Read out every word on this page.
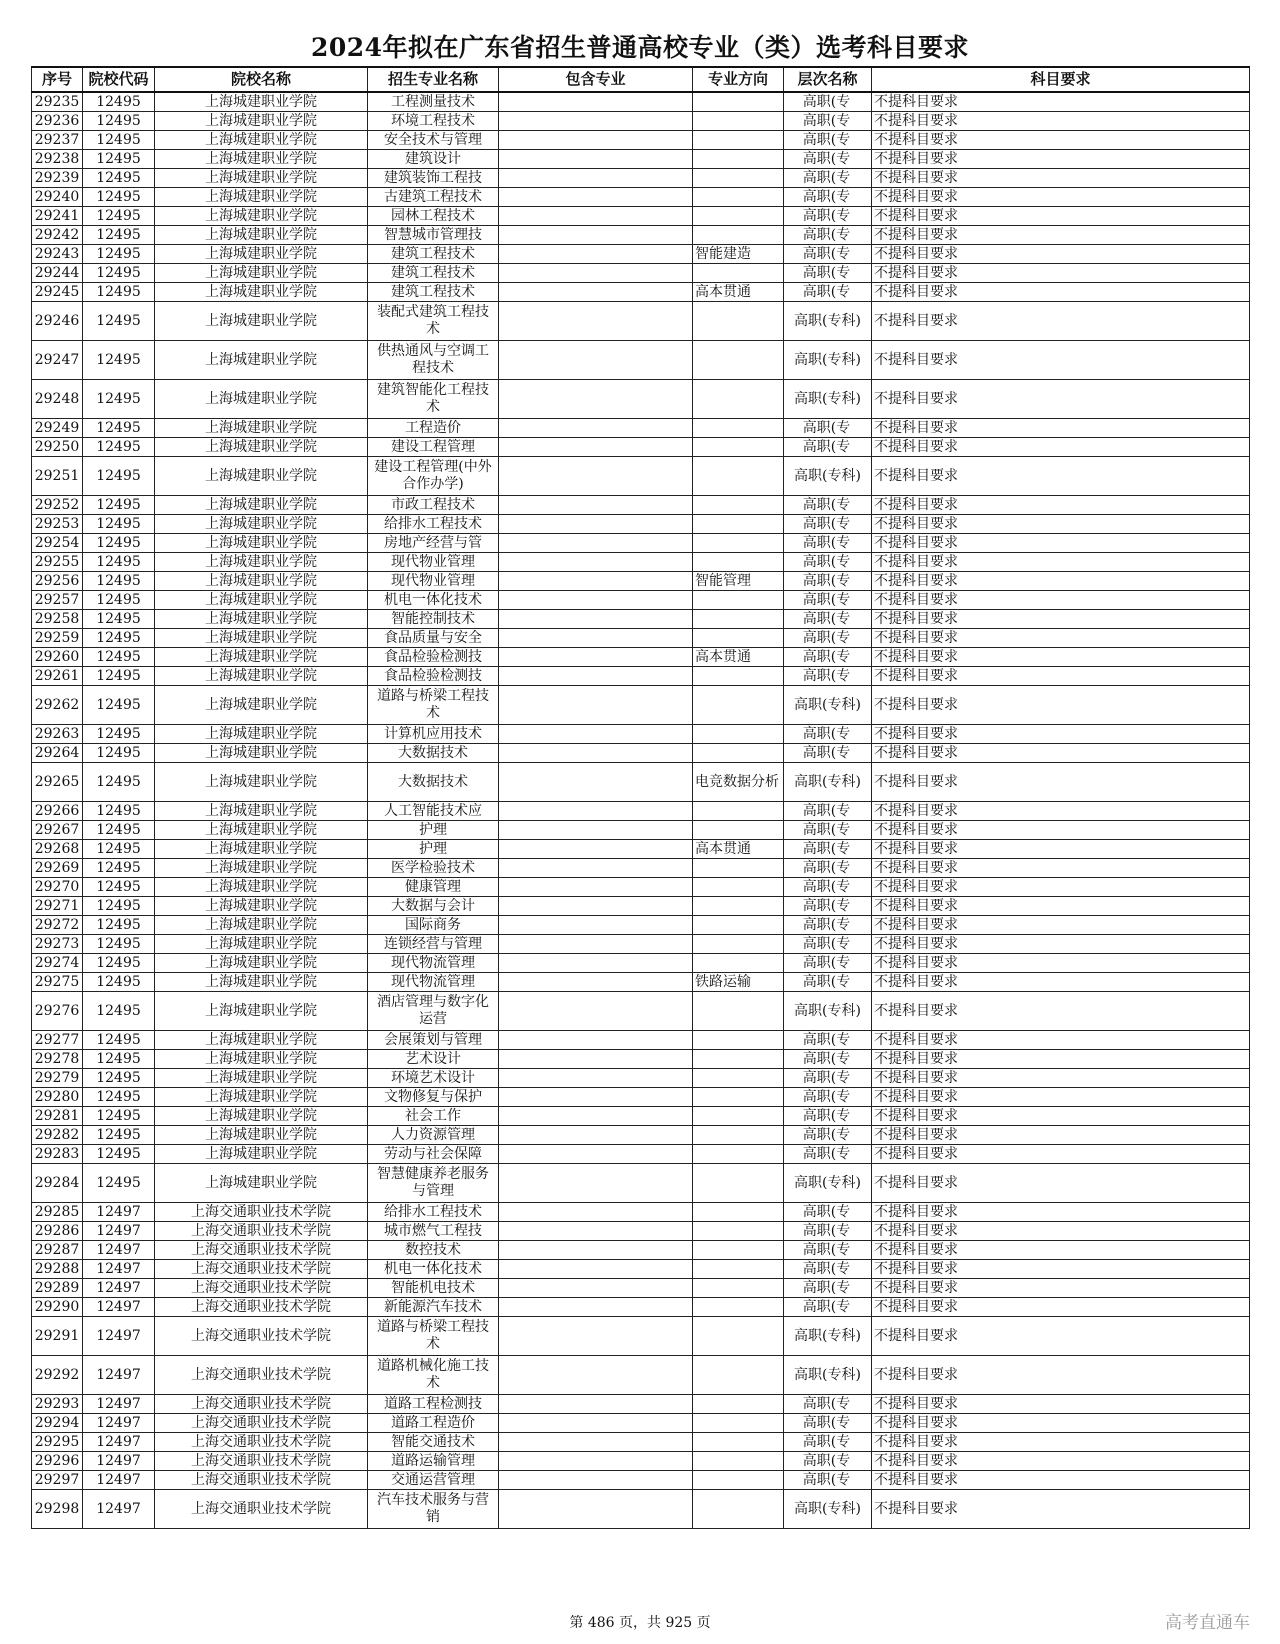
2024年拟在广东省招生普通高校专业（类）选考科目要求
序号	院校代码	院校名称	招生专业名称	包含专业	专业方向	层次名称	科目要求
29235	12495	上海城建职业学院	工程测量技术			高职(专	不提科目要求
29236	12495	上海城建职业学院	环境工程技术			高职(专	不提科目要求
29237	12495	上海城建职业学院	安全技术与管理			高职(专	不提科目要求
29238	12495	上海城建职业学院	建筑设计			高职(专	不提科目要求
29239	12495	上海城建职业学院	建筑装饰工程技			高职(专	不提科目要求
29240	12495	上海城建职业学院	古建筑工程技术			高职(专	不提科目要求
29241	12495	上海城建职业学院	园林工程技术			高职(专	不提科目要求
29242	12495	上海城建职业学院	智慧城市管理技			高职(专	不提科目要求
29243	12495	上海城建职业学院	建筑工程技术		智能建造	高职(专	不提科目要求
29244	12495	上海城建职业学院	建筑工程技术			高职(专	不提科目要求
29245	12495	上海城建职业学院	建筑工程技术		高本贯通	高职(专	不提科目要求
29246	12495	上海城建职业学院	装配式建筑工程技术			高职(专科)	不提科目要求
29247	12495	上海城建职业学院	供热通风与空调工程技术			高职(专科)	不提科目要求
29248	12495	上海城建职业学院	建筑智能化工程技术			高职(专科)	不提科目要求
29249	12495	上海城建职业学院	工程造价			高职(专	不提科目要求
29250	12495	上海城建职业学院	建设工程管理			高职(专	不提科目要求
29251	12495	上海城建职业学院	建设工程管理(中外合作办学)			高职(专科)	不提科目要求
29252	12495	上海城建职业学院	市政工程技术			高职(专	不提科目要求
29253	12495	上海城建职业学院	给排水工程技术			高职(专	不提科目要求
29254	12495	上海城建职业学院	房地产经营与管			高职(专	不提科目要求
29255	12495	上海城建职业学院	现代物业管理			高职(专	不提科目要求
29256	12495	上海城建职业学院	现代物业管理		智能管理	高职(专	不提科目要求
29257	12495	上海城建职业学院	机电一体化技术			高职(专	不提科目要求
29258	12495	上海城建职业学院	智能控制技术			高职(专	不提科目要求
29259	12495	上海城建职业学院	食品质量与安全			高职(专	不提科目要求
29260	12495	上海城建职业学院	食品检验检测技		高本贯通	高职(专	不提科目要求
29261	12495	上海城建职业学院	食品检验检测技			高职(专	不提科目要求
29262	12495	上海城建职业学院	道路与桥梁工程技术			高职(专科)	不提科目要求
29263	12495	上海城建职业学院	计算机应用技术			高职(专	不提科目要求
29264	12495	上海城建职业学院	大数据技术			高职(专	不提科目要求
29265	12495	上海城建职业学院	大数据技术		电竞数据分析	高职(专科)	不提科目要求
29266	12495	上海城建职业学院	人工智能技术应			高职(专	不提科目要求
29267	12495	上海城建职业学院	护理			高职(专	不提科目要求
29268	12495	上海城建职业学院	护理		高本贯通	高职(专	不提科目要求
29269	12495	上海城建职业学院	医学检验技术			高职(专	不提科目要求
29270	12495	上海城建职业学院	健康管理			高职(专	不提科目要求
29271	12495	上海城建职业学院	大数据与会计			高职(专	不提科目要求
29272	12495	上海城建职业学院	国际商务			高职(专	不提科目要求
29273	12495	上海城建职业学院	连锁经营与管理			高职(专	不提科目要求
29274	12495	上海城建职业学院	现代物流管理			高职(专	不提科目要求
29275	12495	上海城建职业学院	现代物流管理		铁路运输	高职(专	不提科目要求
29276	12495	上海城建职业学院	酒店管理与数字化运营			高职(专科)	不提科目要求
29277	12495	上海城建职业学院	会展策划与管理			高职(专	不提科目要求
29278	12495	上海城建职业学院	艺术设计			高职(专	不提科目要求
29279	12495	上海城建职业学院	环境艺术设计			高职(专	不提科目要求
29280	12495	上海城建职业学院	文物修复与保护			高职(专	不提科目要求
29281	12495	上海城建职业学院	社会工作			高职(专	不提科目要求
29282	12495	上海城建职业学院	人力资源管理			高职(专	不提科目要求
29283	12495	上海城建职业学院	劳动与社会保障			高职(专	不提科目要求
29284	12495	上海城建职业学院	智慧健康养老服务与管理			高职(专科)	不提科目要求
29285	12497	上海交通职业技术学院	给排水工程技术			高职(专	不提科目要求
29286	12497	上海交通职业技术学院	城市燃气工程技			高职(专	不提科目要求
29287	12497	上海交通职业技术学院	数控技术			高职(专	不提科目要求
29288	12497	上海交通职业技术学院	机电一体化技术			高职(专	不提科目要求
29289	12497	上海交通职业技术学院	智能机电技术			高职(专	不提科目要求
29290	12497	上海交通职业技术学院	新能源汽车技术			高职(专	不提科目要求
29291	12497	上海交通职业技术学院	道路与桥梁工程技术			高职(专科)	不提科目要求
29292	12497	上海交通职业技术学院	道路机械化施工技术			高职(专科)	不提科目要求
29293	12497	上海交通职业技术学院	道路工程检测技			高职(专	不提科目要求
29294	12497	上海交通职业技术学院	道路工程造价			高职(专	不提科目要求
29295	12497	上海交通职业技术学院	智能交通技术			高职(专	不提科目要求
29296	12497	上海交通职业技术学院	道路运输管理			高职(专	不提科目要求
29297	12497	上海交通职业技术学院	交通运营管理			高职(专	不提科目要求
29298	12497	上海交通职业技术学院	汽车技术服务与营销			高职(专科)	不提科目要求
第 486 页，共 925 页	高考直通车
